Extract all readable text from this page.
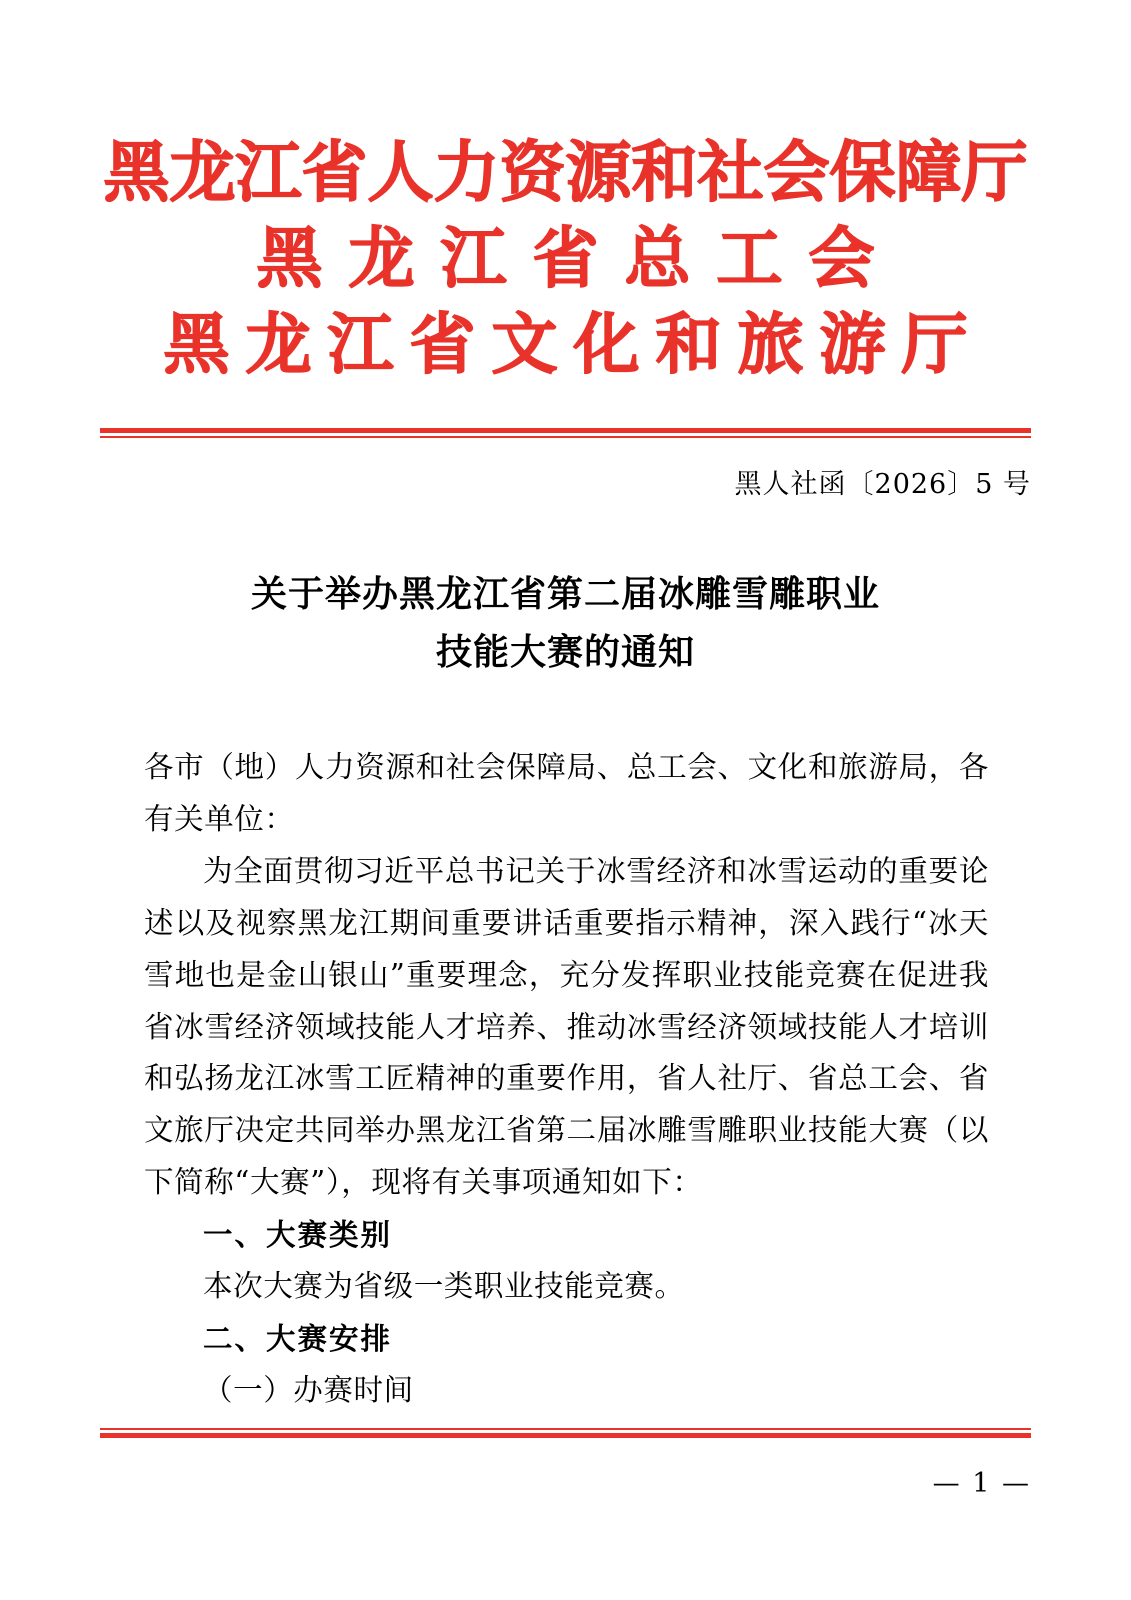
黑龙江省人力资源和社会保障厅
黑龙江省总工会
黑龙江省文化和旅游厅
黑人社函〔2026〕5 号
关于举办黑龙江省第二届冰雕雪雕职业
技能大赛的通知

各市（地）人力资源和社会保障局、总工会、文化和旅游局，各有关单位：

为全面贯彻习近平总书记关于冰雪经济和冰雪运动的重要论述以及视察黑龙江期间重要讲话重要指示精神，深入践行“冰天雪地也是金山银山”重要理念，充分发挥职业技能竞赛在促进我省冰雪经济领域技能人才培养、推动冰雪经济领域技能人才培训和弘扬龙江冰雪工匠精神的重要作用，省人社厅、省总工会、省文旅厅决定共同举办黑龙江省第二届冰雕雪雕职业技能大赛（以下简称“大赛”），现将有关事项通知如下：

一、大赛类别

本次大赛为省级一类职业技能竞赛。

二、大赛安排

（一）办赛时间

— 1 —
